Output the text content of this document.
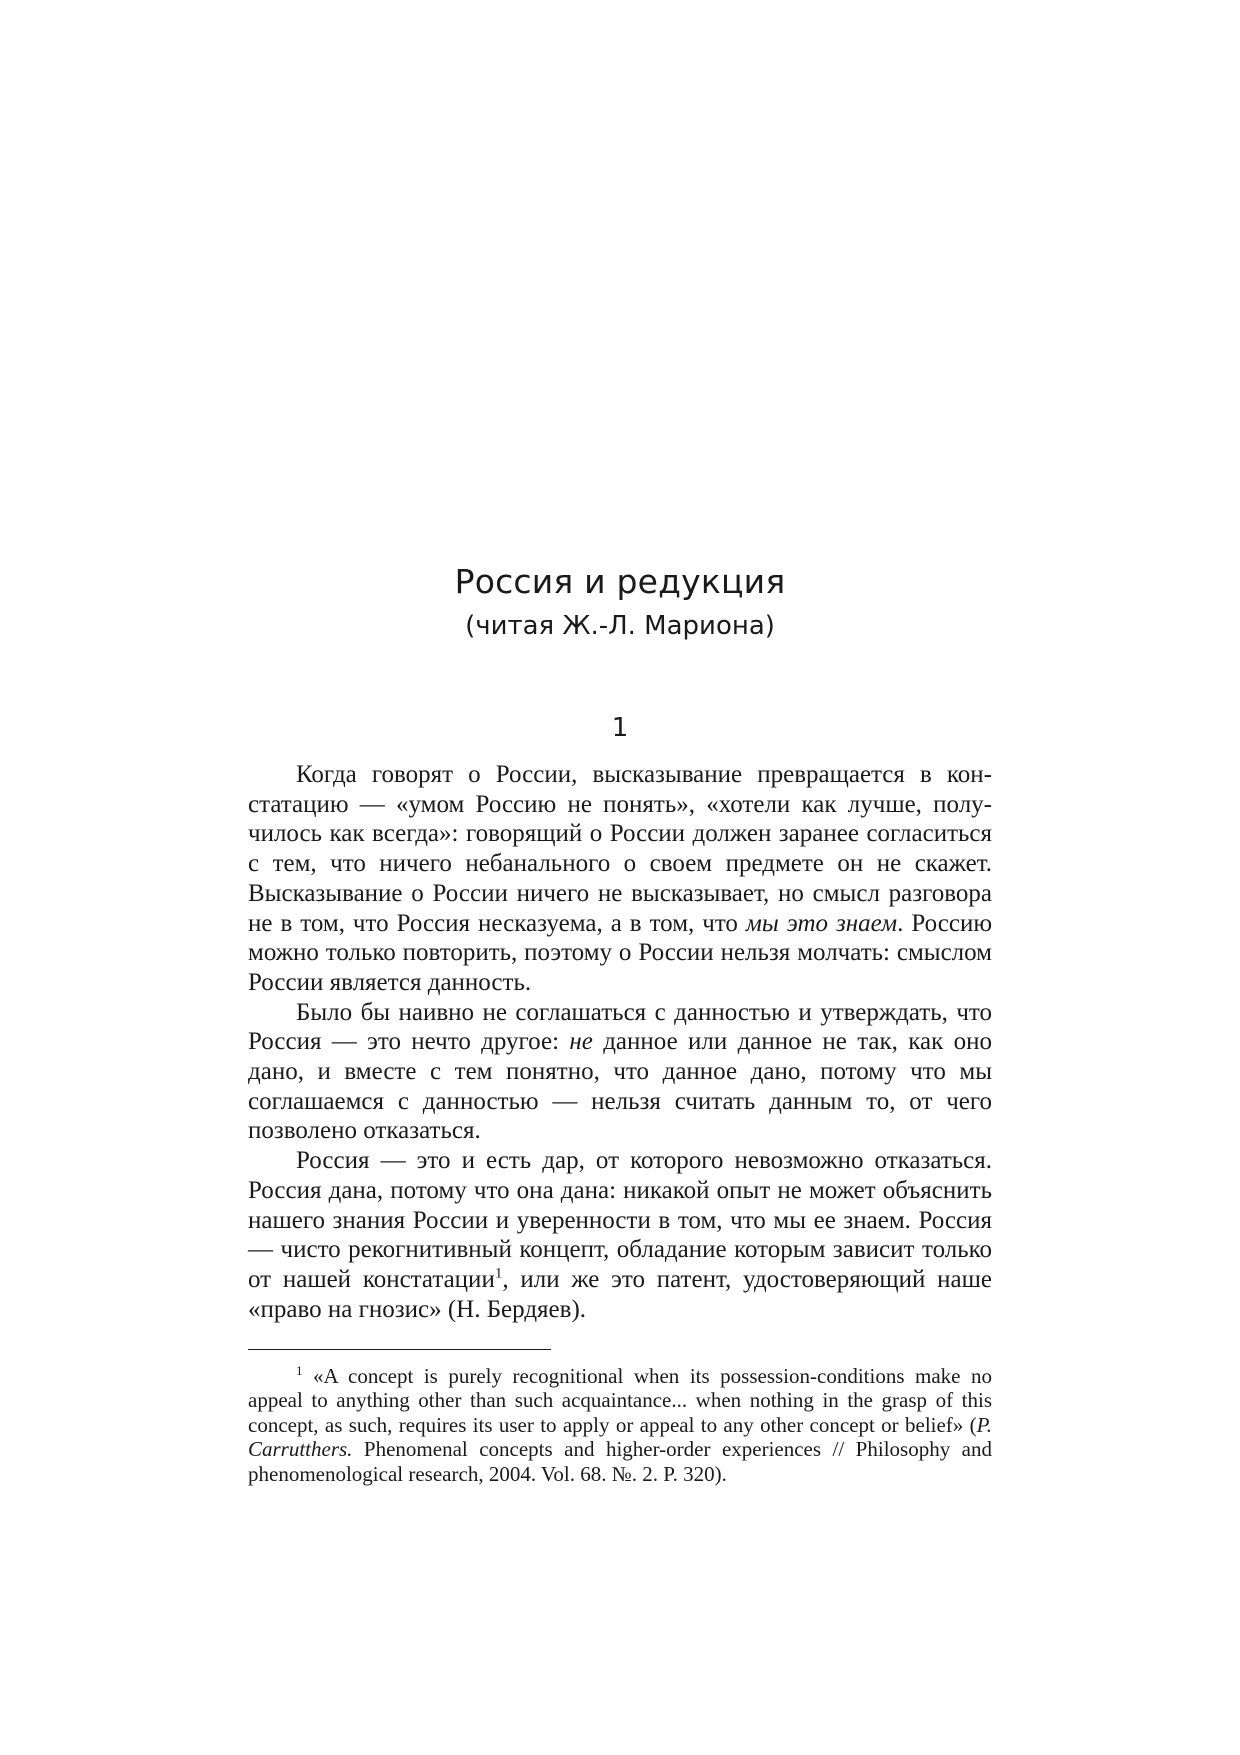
Россия и редукция
(читая Ж.-Л. Мариона)
1

Когда говорят о России, высказывание превращается в констатацию — «умом Россию не понять», «хотели как лучше, получилось как всегда»: говорящий о России должен заранее согласиться с тем, что ничего небанального о своем предмете он не скажет. Высказывание о России ничего не высказывает, но смысл разговора не в том, что Россия несказуема, а в том, что мы это знаем. Россию можно только повторить, поэтому о России нельзя молчать: смыслом России является данность.

Было бы наивно не соглашаться с данностью и утверждать, что Россия — это нечто другое: не данное или данное не так, как оно дано, и вместе с тем понятно, что данное дано, потому что мы соглашаемся с данностью — нельзя считать данным то, от чего позволено отказаться.

Россия — это и есть дар, от которого невозможно отказаться. Россия дана, потому что она дана: никакой опыт не может объяснить нашего знания России и уверенности в том, что мы ее знаем. Россия — чисто рекогнитивный концепт, обладание которым зависит только от нашей констатации$^1$, или же это патент, удостоверяющий наше «право на гнозис» (Н. Бердяев).

$^1$ «A concept is purely recognitional when its possession-conditions make no appeal to anything other than such acquaintance... when nothing in the grasp of this concept, as such, requires its user to apply or appeal to any other concept or belief» (P. Carrutthers. Phenomenal concepts and higher-order experiences // Philosophy and phenomenological research, 2004. Vol. 68. №. 2. P. 320).
